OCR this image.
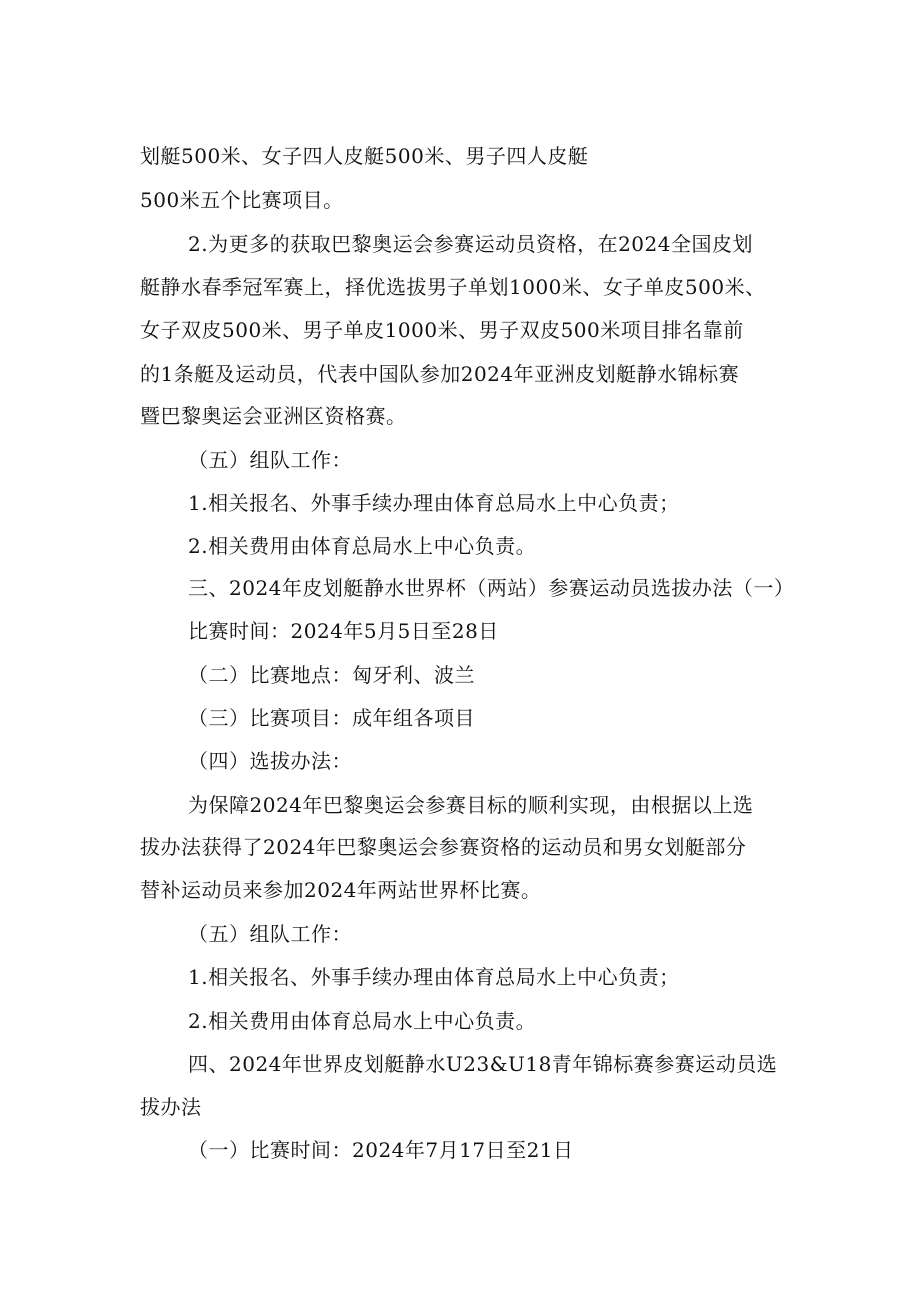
划艇500米、女子四人皮艇500米、男子四人皮艇
500米五个比赛项目。
2.为更多的获取巴黎奥运会参赛运动员资格，在2024全国皮划
艇静水春季冠军赛上，择优选拔男子单划1000米、女子单皮500米、
女子双皮500米、男子单皮1000米、男子双皮500米项目排名靠前
的1条艇及运动员，代表中国队参加2024年亚洲皮划艇静水锦标赛
暨巴黎奥运会亚洲区资格赛。
（五）组队工作：
1.相关报名、外事手续办理由体育总局水上中心负责；
2.相关费用由体育总局水上中心负责。
三、2024年皮划艇静水世界杯（两站）参赛运动员选拔办法（一）
比赛时间：2024年5月5日至28日
（二）比赛地点：匈牙利、波兰
（三）比赛项目：成年组各项目
（四）选拔办法：
为保障2024年巴黎奥运会参赛目标的顺利实现，由根据以上选
拔办法获得了2024年巴黎奥运会参赛资格的运动员和男女划艇部分
替补运动员来参加2024年两站世界杯比赛。
（五）组队工作：
1.相关报名、外事手续办理由体育总局水上中心负责；
2.相关费用由体育总局水上中心负责。
四、2024年世界皮划艇静水U23&U18青年锦标赛参赛运动员选
拔办法
（一）比赛时间：2024年7月17日至21日
